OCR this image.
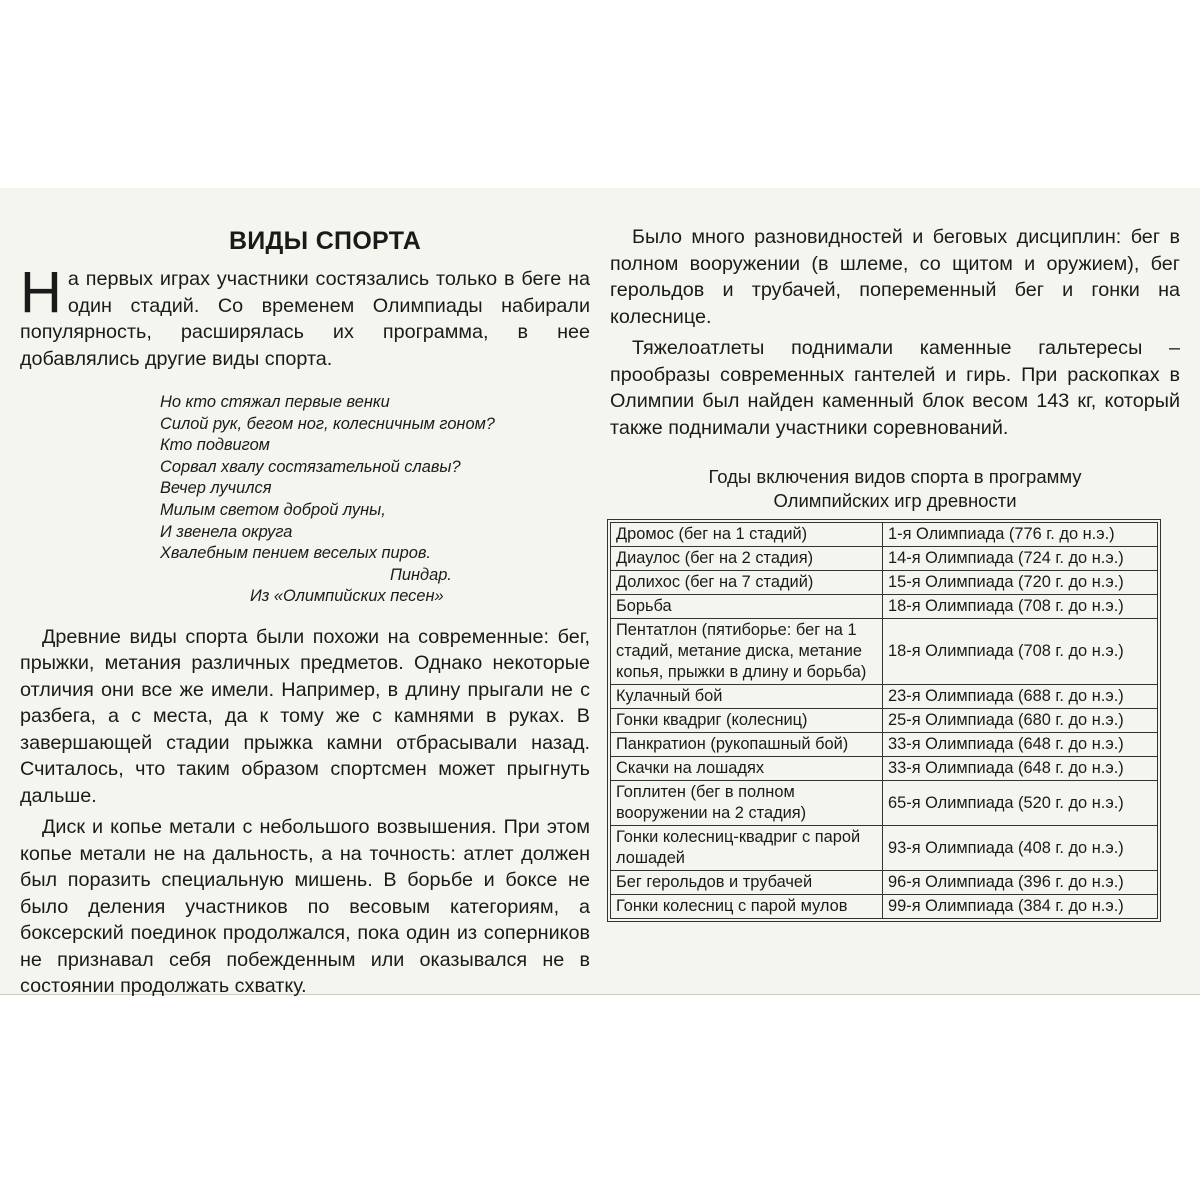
ВИДЫ СПОРТА

На первых играх участники состязались только в беге на один стадий. Со временем Олимпиады набирали популярность, расширялась их программа, в нее добавлялись другие виды спорта.

Но кто стяжал первые венки
Силой рук, бегом ног, колесничным гоном?
Кто подвигом
Сорвал хвалу состязательной славы?
Вечер лучился
Милым светом доброй луны,
И звенела округа
Хвалебным пением веселых пиров.
Пиндар.
Из «Олимпийских песен»

Древние виды спорта были похожи на современные: бег, прыжки, метания различных предметов. Однако некоторые отличия они все же имели. Например, в длину прыгали не с разбега, а с места, да к тому же с камнями в руках. В завершающей стадии прыжка камни отбрасывали назад. Считалось, что таким образом спортсмен может прыгнуть дальше.

Диск и копье метали с небольшого возвышения. При этом копье метали не на дальность, а на точность: атлет должен был поразить специальную мишень. В борьбе и боксе не было деления участников по весовым категориям, а боксерский поединок продолжался, пока один из соперников не признавал себя побежденным или оказывался не в состоянии продолжать схватку.

Было много разновидностей и беговых дисциплин: бег в полном вооружении (в шлеме, со щитом и оружием), бег герольдов и трубачей, попеременный бег и гонки на колеснице.

Тяжелоатлеты поднимали каменные гальтересы – прообразы современных гантелей и гирь. При раскопках в Олимпии был найден каменный блок весом 143 кг, который также поднимали участники соревнований.

Годы включения видов спорта в программу
Олимпийских игр древности
Дромос (бег на 1 стадий)	1-я Олимпиада (776 г. до н.э.)
Диаулос (бег на 2 стадия)	14-я Олимпиада (724 г. до н.э.)
Долихос (бег на 7 стадий)	15-я Олимпиада (720 г. до н.э.)
Борьба	18-я Олимпиада (708 г. до н.э.)
Пентатлон (пятиборье: бег на 1 стадий, метание диска, метание копья, прыжки в длину и борьба)	18-я Олимпиада (708 г. до н.э.)
Кулачный бой	23-я Олимпиада (688 г. до н.э.)
Гонки квадриг (колесниц)	25-я Олимпиада (680 г. до н.э.)
Панкратион (рукопашный бой)	33-я Олимпиада (648 г. до н.э.)
Скачки на лошадях	33-я Олимпиада (648 г. до н.э.)
Гоплитен (бег в полном вооружении на 2 стадия)	65-я Олимпиада (520 г. до н.э.)
Гонки колесниц-квадриг с парой лошадей	93-я Олимпиада (408 г. до н.э.)
Бег герольдов и трубачей	96-я Олимпиада (396 г. до н.э.)
Гонки колесниц с парой мулов	99-я Олимпиада (384 г. до н.э.)
